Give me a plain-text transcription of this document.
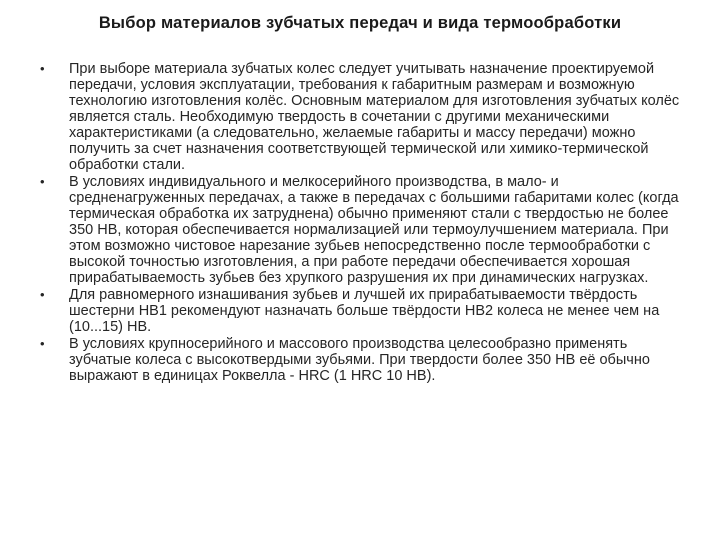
Выбор материалов зубчатых передач и вида термообработки
• При выборе материала зубчатых колес следует учитывать назначение проектируемой передачи, условия эксплуатации, требования к габаритным размерам и возможную технологию изготовления колёс. Основным материалом для изготовления зубчатых колёс является сталь. Необходимую твердость в сочетании с другими механическими характеристиками (а следовательно, желаемые габариты и массу передачи) можно получить за счет назначения соответствующей термической или химико-термической обработки стали.
• В условиях индивидуального и мелкосерийного производства, в мало- и средненагруженных передачах, а также в передачах с большими габаритами колес (когда термическая обработка их затруднена) обычно применяют стали с твердостью не более 350 НВ, которая обеспечивается нормализацией или термоулучшением материала. При этом возможно чистовое нарезание зубьев непосредственно после термообработки с высокой точностью изготовления, а при работе передачи обеспечивается хорошая прирабатываемость зубьев без хрупкого разрушения их при динамических нагрузках.
• Для равномерного изнашивания зубьев и лучшей их прирабатываемости твёрдость шестерни НВ1 рекомендуют назначать больше твёрдости НВ2 колеса не менее чем на (10...15) НВ.
• В условиях крупносерийного и массового производства целесообразно применять зубчатые колеса с высокотвердыми зубьями. При твердости более 350 НВ её обычно выражают в единицах Роквелла - HRC (1 HRC 10 НВ).
